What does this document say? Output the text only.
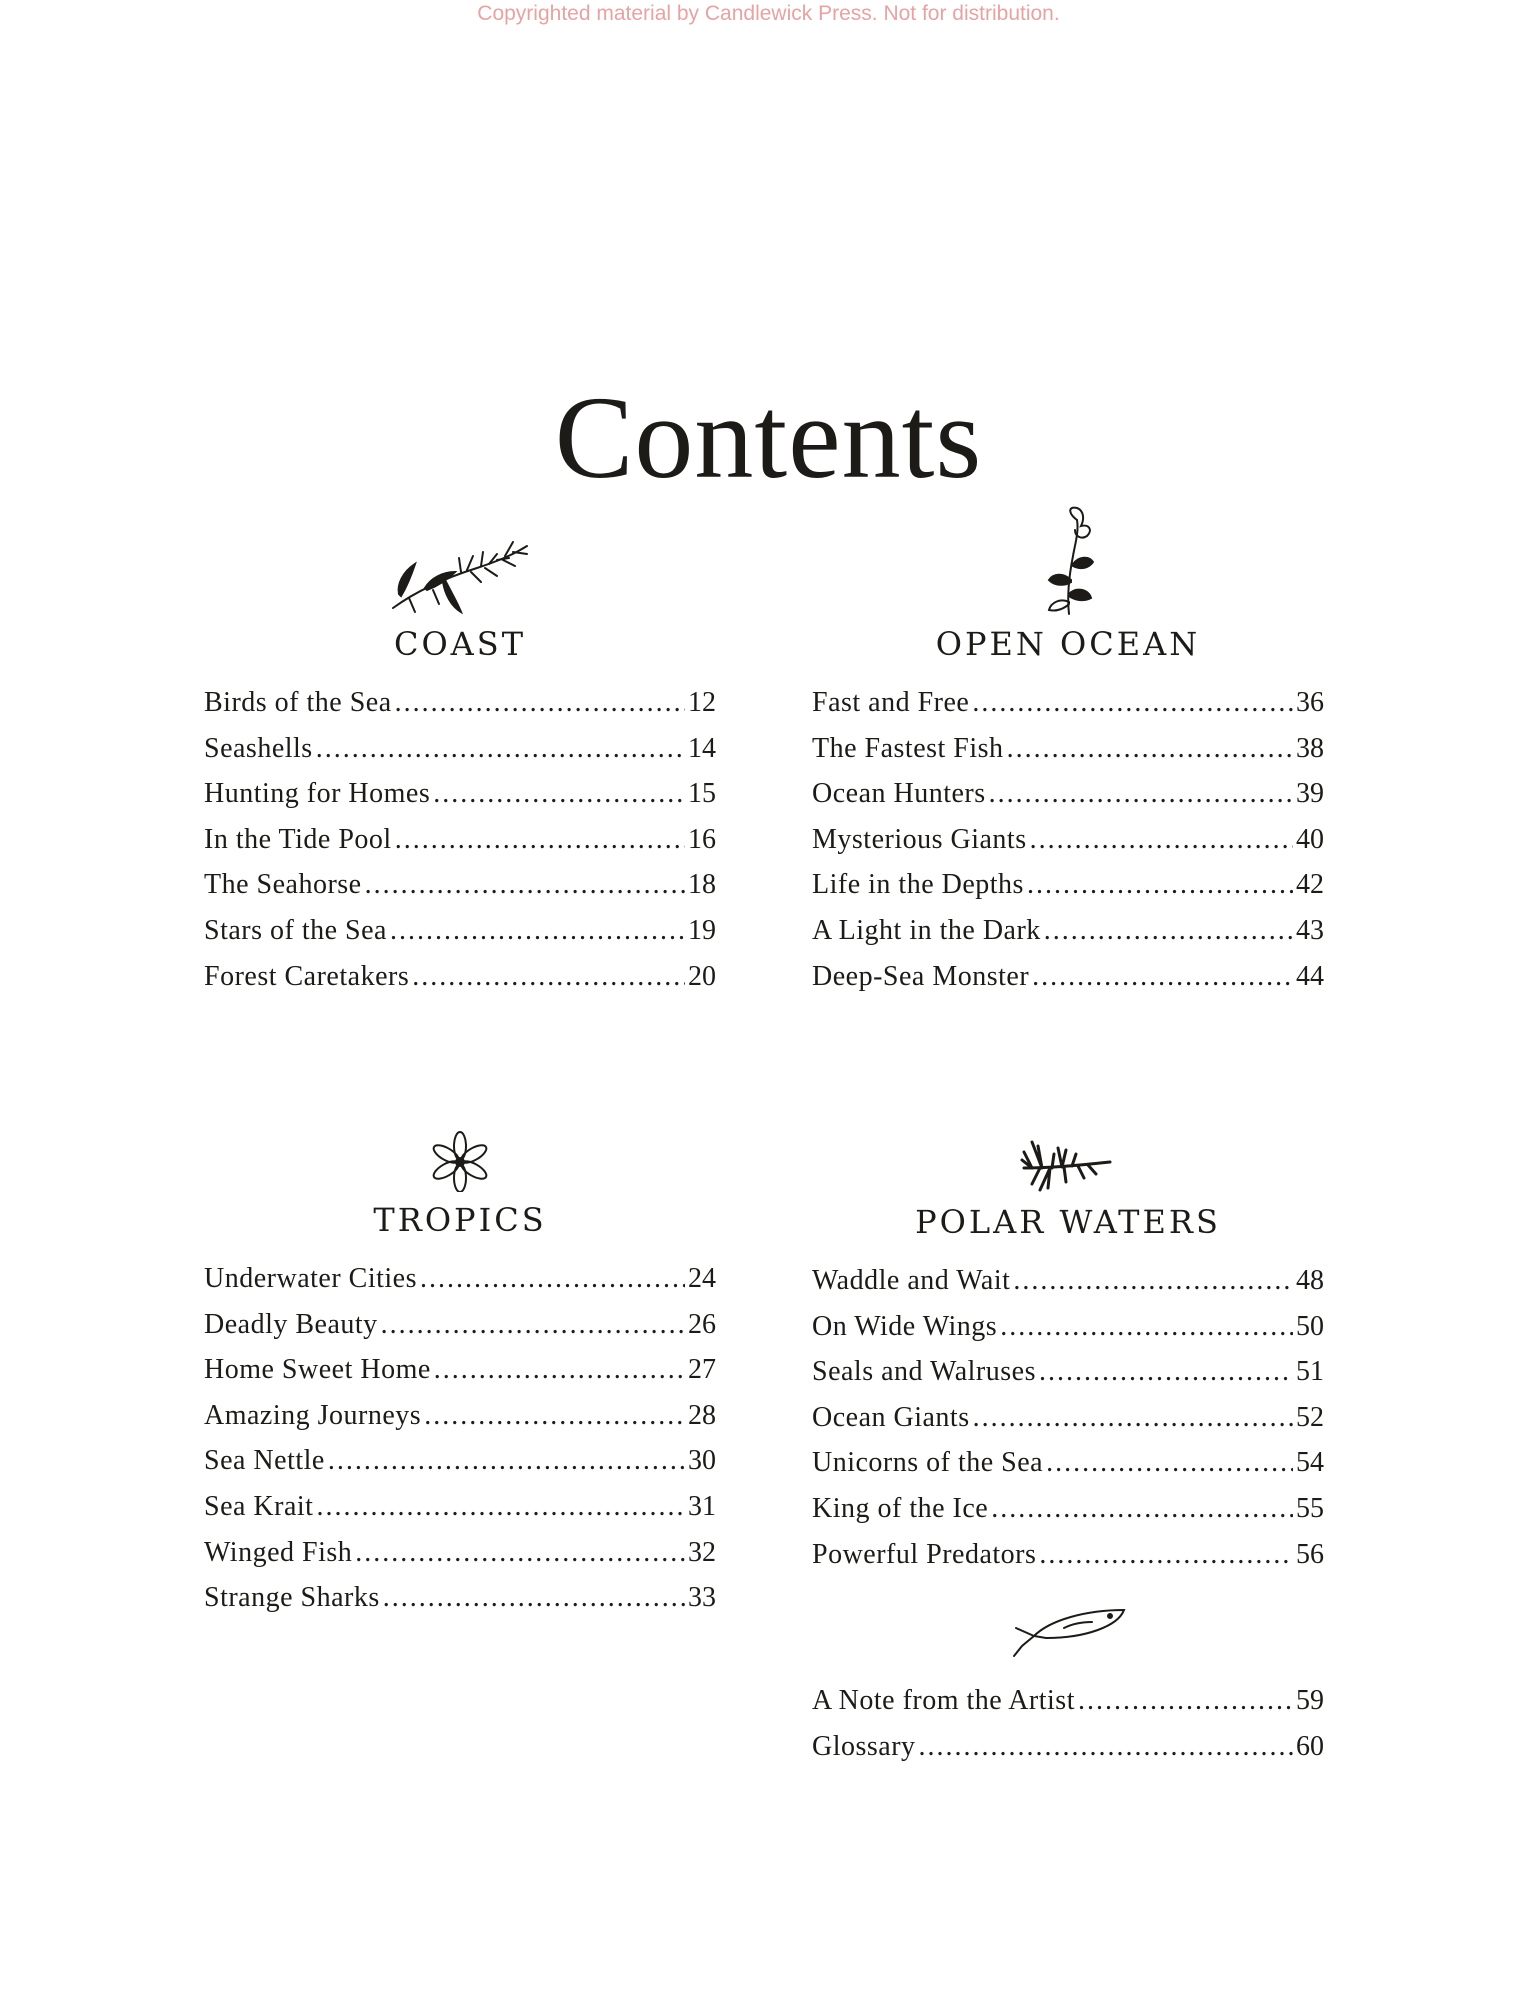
Copyrighted material by Candlewick Press. Not for distribution.
Contents
COAST
Birds of the Sea .....	12
Seashells .....	14
Hunting for Homes .....	15
In the Tide Pool .....	16
The Seahorse .....	18
Stars of the Sea .....	19
Forest Caretakers .....	20
OPEN OCEAN
Fast and Free .....	36
The Fastest Fish .....	38
Ocean Hunters .....	39
Mysterious Giants .....	40
Life in the Depths .....	42
A Light in the Dark .....	43
Deep-Sea Monster .....	44
TROPICS
Underwater Cities .....	24
Deadly Beauty .....	26
Home Sweet Home .....	27
Amazing Journeys .....	28
Sea Nettle .....	30
Sea Krait .....	31
Winged Fish .....	32
Strange Sharks .....	33
POLAR WATERS
Waddle and Wait .....	48
On Wide Wings .....	50
Seals and Walruses .....	51
Ocean Giants .....	52
Unicorns of the Sea .....	54
King of the Ice .....	55
Powerful Predators .....	56
A Note from the Artist .....	59
Glossary .....	60
